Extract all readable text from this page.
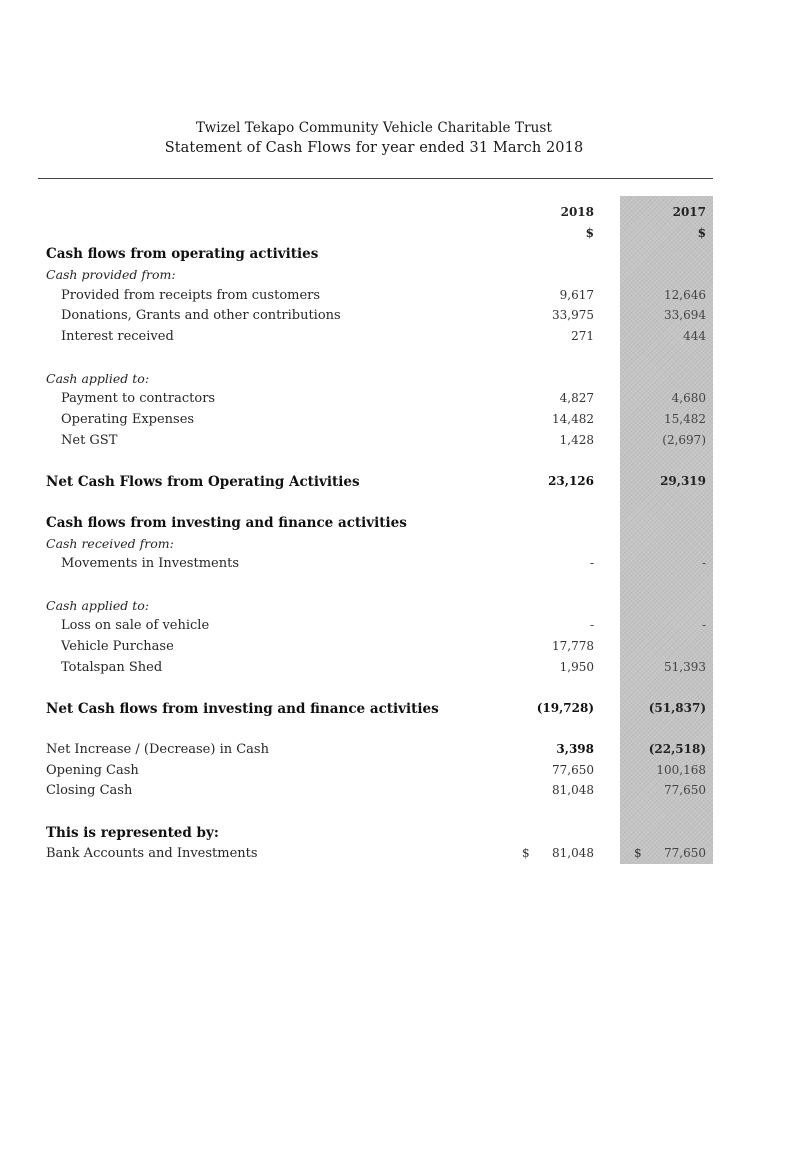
Twizel Tekapo Community Vehicle Charitable Trust
Statement of Cash Flows for year ended 31 March 2018
2018	2017
$	$
Cash flows from operating activities
Cash provided from:
Provided from receipts from customers	9,617	12,646
Donations, Grants and other contributions	33,975	33,694
Interest received	271	444
Cash applied to:
Payment to contractors	4,827	4,680
Operating Expenses	14,482	15,482
Net GST	1,428	(2,697)
Net Cash Flows from Operating Activities	23,126	29,319
Cash flows from investing and finance activities
Cash received from:
Movements in Investments	-	-
Cash applied to:
Loss on sale of vehicle	-	-
Vehicle Purchase	17,778
Totalspan Shed	1,950	51,393
Net Cash flows from investing and finance activities	(19,728)	(51,837)
Net Increase / (Decrease) in Cash	3,398	(22,518)
Opening Cash	77,650	100,168
Closing Cash	81,048	77,650
This is represented by:
Bank Accounts and Investments	$ 81,048	$ 77,650
